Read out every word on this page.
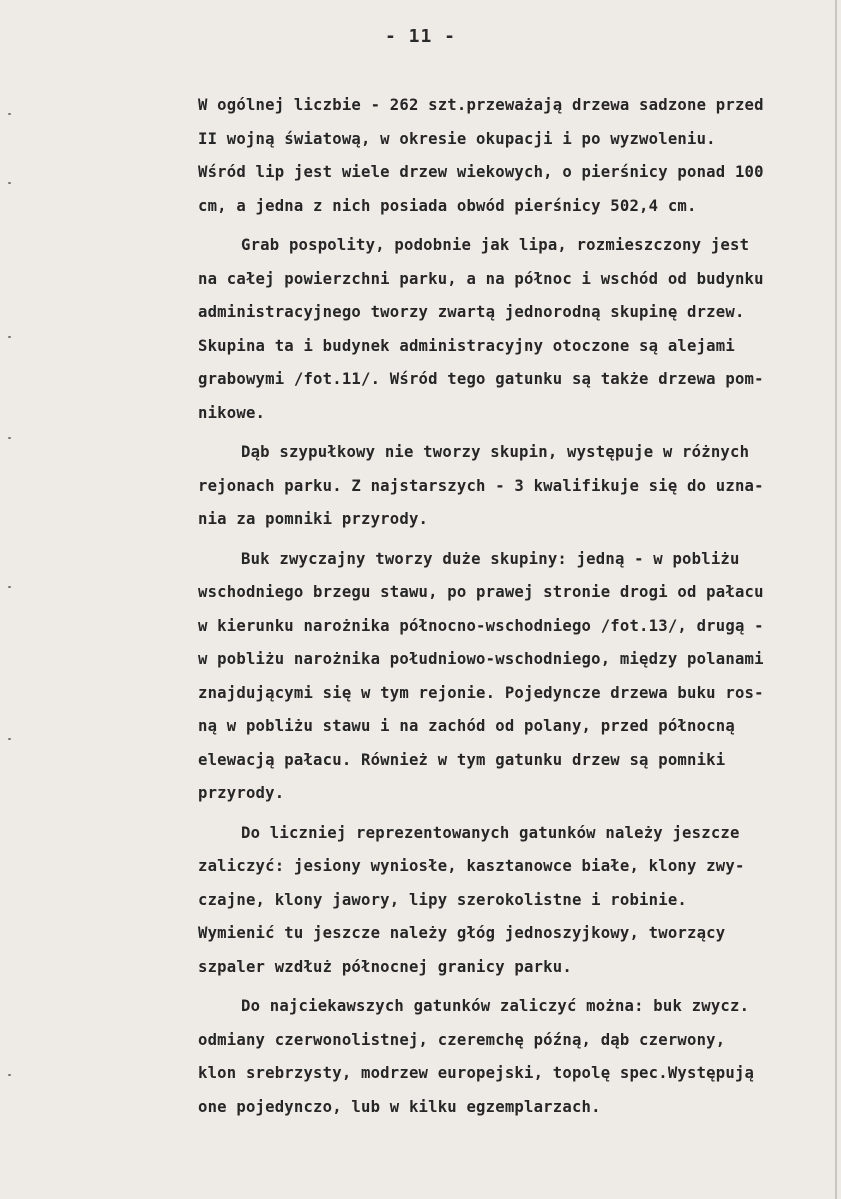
- 11 -
W ogólnej liczbie - 262 szt.przeważają drzewa sadzone przed
II wojną światową, w okresie okupacji i po wyzwoleniu.
Wśród lip jest wiele drzew wiekowych, o pierśnicy ponad 100
cm, a jedna z nich posiada obwód pierśnicy 502,4 cm.
Grab pospolity, podobnie jak lipa, rozmieszczony jest
na całej powierzchni parku, a na północ i wschód od budynku
administracyjnego tworzy zwartą jednorodną skupinę drzew.
Skupina ta i budynek administracyjny otoczone są alejami
grabowymi /fot.11/. Wśród tego gatunku są także drzewa pom-
nikowe.
Dąb szypułkowy nie tworzy skupin, występuje w różnych
rejonach parku. Z najstarszych - 3 kwalifikuje się do uzna-
nia za pomniki przyrody.
Buk zwyczajny tworzy duże skupiny: jedną - w pobliżu
wschodniego brzegu stawu, po prawej stronie drogi od pałacu
w kierunku narożnika północno-wschodniego /fot.13/, drugą -
w pobliżu narożnika południowo-wschodniego, między polanami
znajdującymi się w tym rejonie. Pojedyncze drzewa buku ros-
ną w pobliżu stawu i na zachód od polany, przed północną
elewacją pałacu. Również w tym gatunku drzew są pomniki
przyrody.
Do liczniej reprezentowanych gatunków należy jeszcze
zaliczyć: jesiony wyniosłe, kasztanowce białe, klony zwy-
czajne, klony jawory, lipy szerokolistne i robinie.
Wymienić tu jeszcze należy głóg jednoszyjkowy, tworzący
szpaler wzdłuż północnej granicy parku.
Do najciekawszych gatunków zaliczyć można: buk zwycz.
odmiany czerwonolistnej, czeremchę późną, dąb czerwony,
klon srebrzysty, modrzew europejski, topolę spec.Występują
one pojedynczo, lub w kilku egzemplarzach.
